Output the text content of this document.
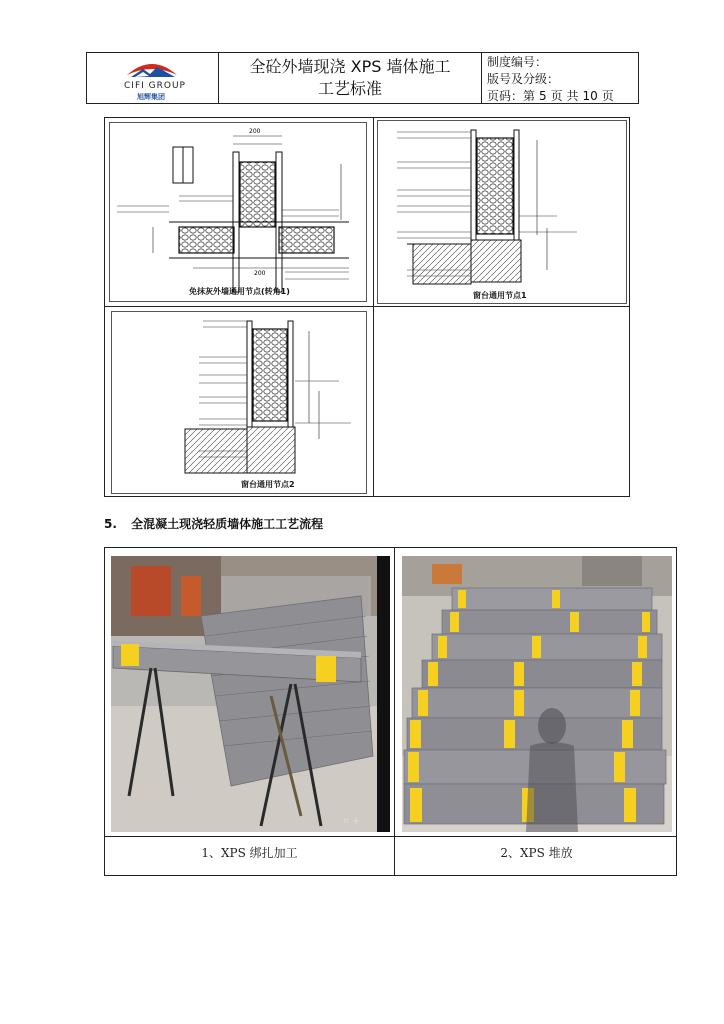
CIFI GROUP
旭辉集团
全砼外墙现浇 XPS 墙体施工
工艺标准
制度编号：
版号及分级：
页码：第 5 页 共 10 页
200
200
免抹灰外墙通用节点(转角1)	窗台通用节点1
窗台通用节点2
5. 全混凝土现浇轻质墙体施工工艺流程
⌗ +
1、XPS 绑扎加工	2、XPS 堆放
